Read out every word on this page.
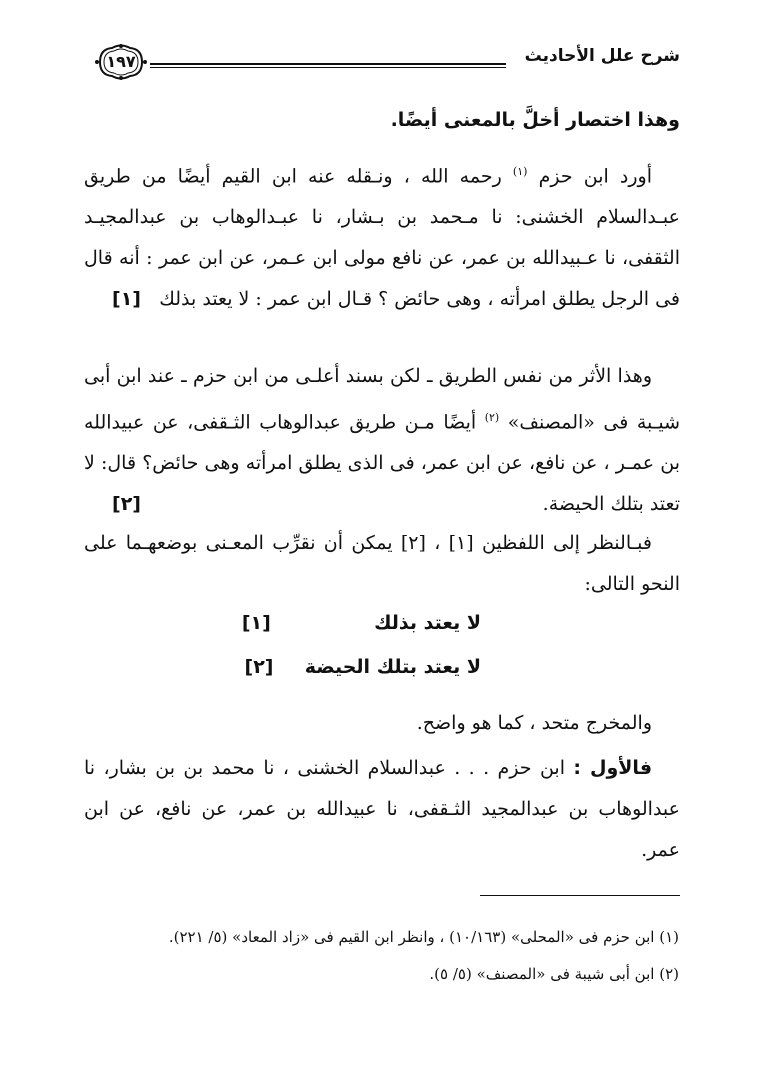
١٩٧	شرح علل الأحاديث

وهذا اختصار أخلَّ بالمعنى أيضًا.

أورد ابن حزم $^{(١)}$ رحمه الله ، ونـقله عنه ابن القيم أيضًا من طريق عبـدالسلام الخشنى: نا مـحمد بن بـشار، نا عبـدالوهاب بن عبدالمجيـد الثقفى، نا عـبيدالله بن عمر، عن نافع مولى ابن عـمر، عن ابن عمر : أنه قال فى الرجل يطلق امرأته ، وهى حائض ؟ قـال ابن عمر : لا يعتد بذلك
[١]

وهذا الأثر من نفس الطريق ـ لكن بسند أعلـى من ابن حزم ـ عند ابن أبى شيـبة فى «المصنف» $^{(٢)}$ أيضًا مـن طريق عبدالوهاب الثـقفى، عن عبيدالله بن عمـر ، عن نافع، عن ابن عمر، فى الذى يطلق امرأته وهى حائض؟ قال: لا تعتد بتلك الحيضة.
[٢]

فبـالنظر إلى اللفظين [١] ، [٢] يمكن أن نقرِّب المعـنى بوضعهـما على النحو التالى:

لا يعتد بذلك  [١]
لا يعتد بتلك الحيضة  [٢]

والمخرج متحد ، كما هو واضح.

فالأول : ابن حزم . . . عبدالسلام الخشنى ، نا محمد بن بن بشار، نا عبدالوهاب بن عبدالمجيد الثـقفى، نا عبيدالله بن عمر، عن نافع، عن ابن عمر.

(١) ابن حزم فى «المحلى» (١٠/١٦٣) ، وانظر ابن القيم فى «زاد المعاد» (٥/ ٢٢١).
(٢) ابن أبى شيبة فى «المصنف» (٥/ ٥).
